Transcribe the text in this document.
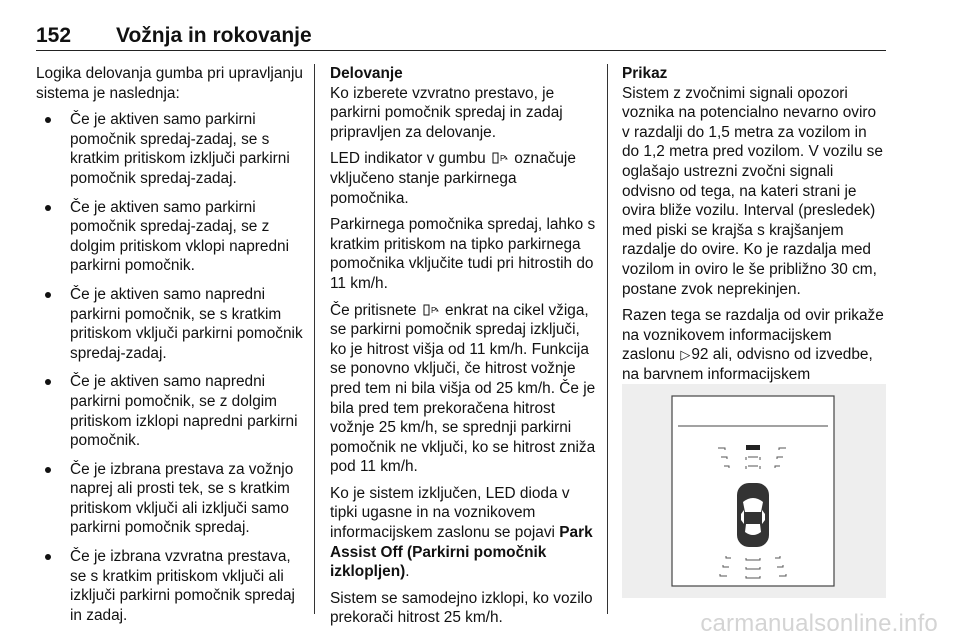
152 Vožnja in rokovanje

Logika delovanja gumba pri upravljanju sistema je naslednja:

Če je aktiven samo parkirni pomočnik spredaj-zadaj, se s kratkim pritiskom izključi parkirni pomočnik spredaj-zadaj.
Če je aktiven samo parkirni pomočnik spredaj-zadaj, se z dolgim pritiskom vklopi napredni parkirni pomočnik.
Če je aktiven samo napredni parkirni pomočnik, se s kratkim pritiskom vključi parkirni pomočnik spredaj-zadaj.
Če je aktiven samo napredni parkirni pomočnik, se z dolgim pritiskom izklopi napredni parkirni pomočnik.
Če je izbrana prestava za vožnjo naprej ali prosti tek, se s kratkim pritiskom vključi ali izključi samo parkirni pomočnik spredaj.
Če je izbrana vzvratna prestava, se s kratkim pritiskom vključi ali izključi parkirni pomočnik spredaj in zadaj.

Delovanje

Ko izberete vzvratno prestavo, je parkirni pomočnik spredaj in zadaj pripravljen za delovanje.

LED indikator v gumbu P označuje vključeno stanje parkirnega pomočnika.

Parkirnega pomočnika spredaj, lahko s kratkim pritiskom na tipko parkirnega pomočnika vključite tudi pri hitrostih do 11 km/h.

Če pritisnete P enkrat na cikel vžiga, se parkirni pomočnik spredaj izključi, ko je hitrost višja od 11 km/h. Funkcija se ponovno vključi, če hitrost vožnje pred tem ni bila višja od 25 km/h. Če je bila pred tem prekoračena hitrost vožnje 25 km/h, se sprednji parkirni pomočnik ne vključi, ko se hitrost zniža pod 11 km/h.

Ko je sistem izključen, LED dioda v tipki ugasne in na voznikovem informacijskem zaslonu se pojavi Park Assist Off (Parkirni pomočnik izklopljen).

Sistem se samodejno izklopi, ko vozilo prekorači hitrost 25 km/h.

Prikaz

Sistem z zvočnimi signali opozori voznika na potencialno nevarno oviro v razdalji do 1,5 metra za vozilom in do 1,2 metra pred vozilom. V vozilu se oglašajo ustrezni zvočni signali odvisno od tega, na kateri strani je ovira bliže vozilu. Interval (presledek) med piski se krajša s krajšanjem razdalje do ovire. Ko je razdalja med vozilom in oviro le še približno 30 cm, postane zvok neprekinjen.

Razen tega se razdalja od ovir prikaže na voznikovem informacijskem zaslonu ▷92 ali, odvisno od izvedbe, na barvnem informacijskem

carmanualsonline.info
